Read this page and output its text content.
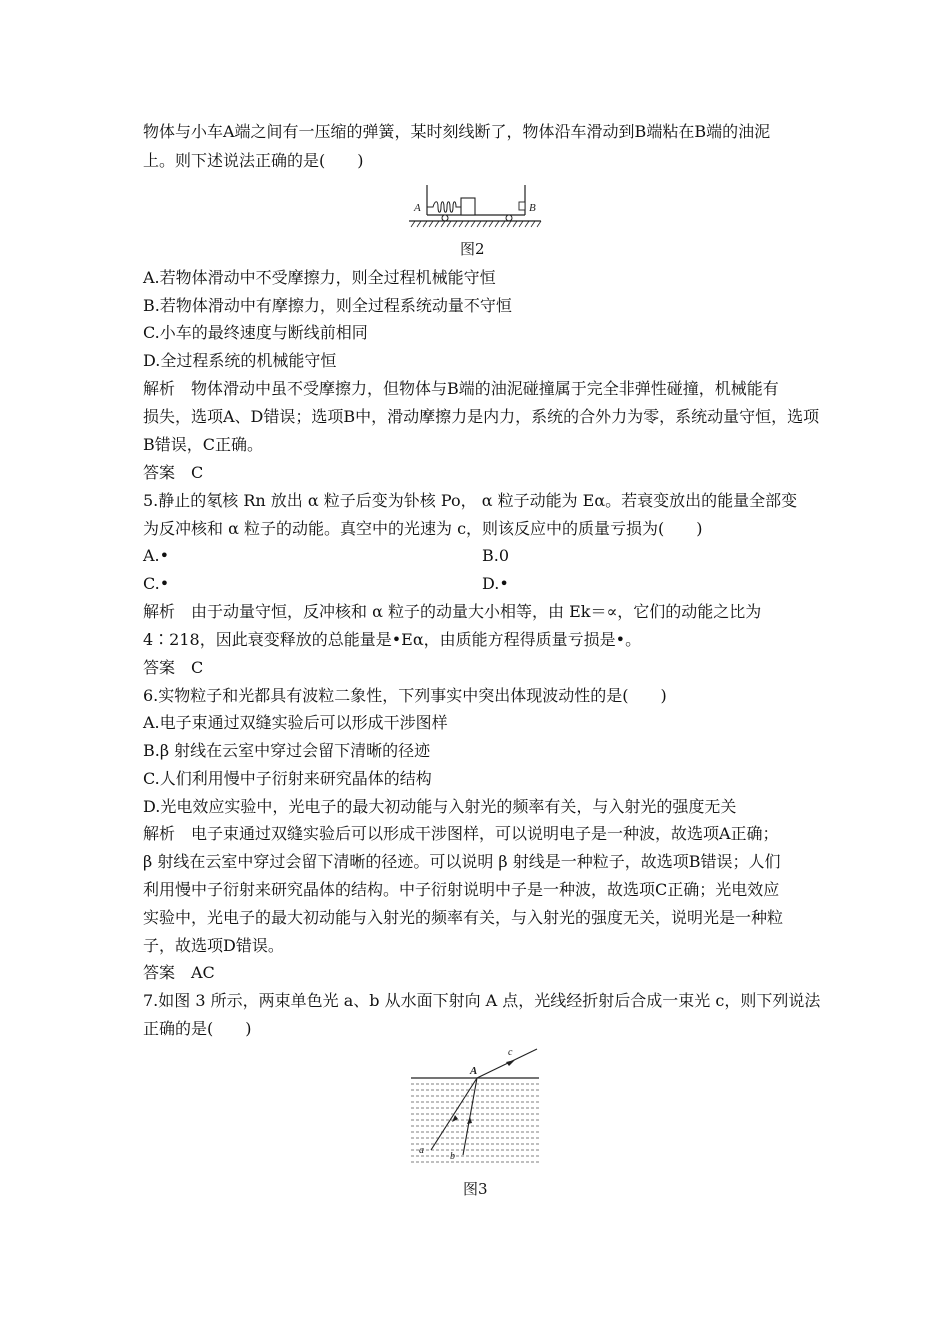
物体与小车A端之间有一压缩的弹簧，某时刻线断了，物体沿车滑动到B端粘在B端的油泥
上。则下述说法正确的是(　　)
A	B
图2
A.若物体滑动中不受摩擦力，则全过程机械能守恒
B.若物体滑动中有摩擦力，则全过程系统动量不守恒
C.小车的最终速度与断线前相同
D.全过程系统的机械能守恒
解析　物体滑动中虽不受摩擦力，但物体与B端的油泥碰撞属于完全非弹性碰撞，机械能有
损失，选项A、D错误；选项B中，滑动摩擦力是内力，系统的合外力为零，系统动量守恒，选项
B错误，C正确。
答案　C
5.静止的氡核 Rn 放出 α 粒子后变为钋核 Po， α 粒子动能为 Eα。若衰变放出的能量全部变
为反冲核和 α 粒子的动能。真空中的光速为 c，则该反应中的质量亏损为(　　)
A.•	B.0
C.•	D.•
解析　由于动量守恒，反冲核和 α 粒子的动量大小相等，由 Ek＝∝，它们的动能之比为
4∶218，因此衰变释放的总能量是•Eα，由质能方程得质量亏损是•。
答案　C
6.实物粒子和光都具有波粒二象性，下列事实中突出体现波动性的是(　　)
A.电子束通过双缝实验后可以形成干涉图样
B.β 射线在云室中穿过会留下清晰的径迹
C.人们利用慢中子衍射来研究晶体的结构
D.光电效应实验中，光电子的最大初动能与入射光的频率有关，与入射光的强度无关
解析　电子束通过双缝实验后可以形成干涉图样，可以说明电子是一种波，故选项A正确；
β 射线在云室中穿过会留下清晰的径迹。可以说明 β 射线是一种粒子，故选项B错误；人们
利用慢中子衍射来研究晶体的结构。中子衍射说明中子是一种波，故选项C正确；光电效应
实验中，光电子的最大初动能与入射光的频率有关，与入射光的强度无关，说明光是一种粒
子，故选项D错误。
答案　AC
7.如图 3 所示，两束单色光 a、b 从水面下射向 A 点，光线经折射后合成一束光 c，则下列说法
正确的是(　　)
A
c
a
b
图3
